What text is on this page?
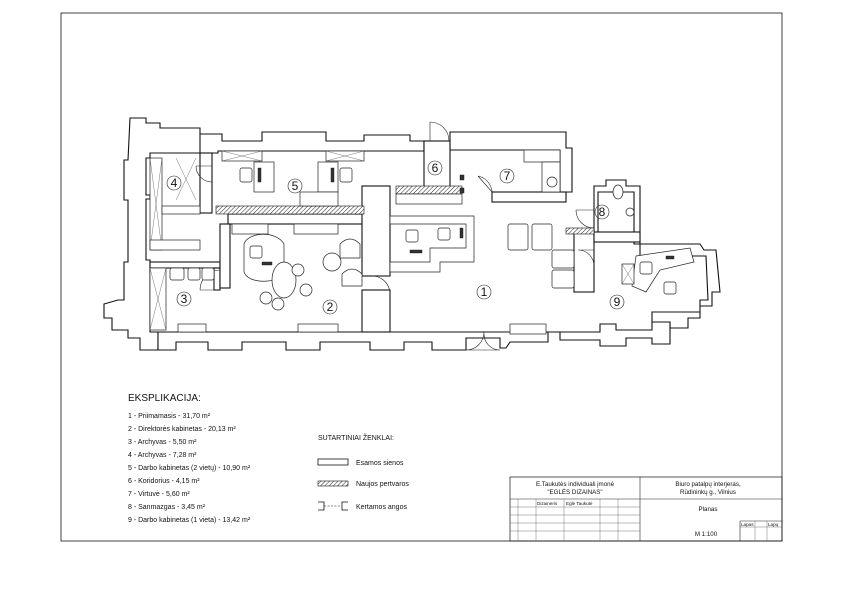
1
2
3
4	5
6
7
8
9
EKSPLIKACIJA:
1 - Priimamasis - 31,70 m²
2 - Direktorės kabinetas - 20,13 m²
3 - Archyvas - 5,50 m²
4 - Archyvas - 7,28 m²
5 - Darbo kabinetas (2 vietų) - 10,90 m²
6 - Koridorius - 4,15 m²
7 - Virtuvė - 5,60 m²
8 - Sanmazgas - 3,45 m²
9 - Darbo kabinetas (1 vieta) - 13,42 m²
SUTARTINIAI ŽENKLAI:
Esamos sienos
Naujos pertvaros
Kertamos angos
E.Taukutės individuali įmonė
"EGLĖS DIZAINAS"
Biuro patalpų interjeras,
Rūdininkų g., Vilnius
Dizaineris Eglė Taukutė
Planas
M 1:100
Lapas	Lapų
